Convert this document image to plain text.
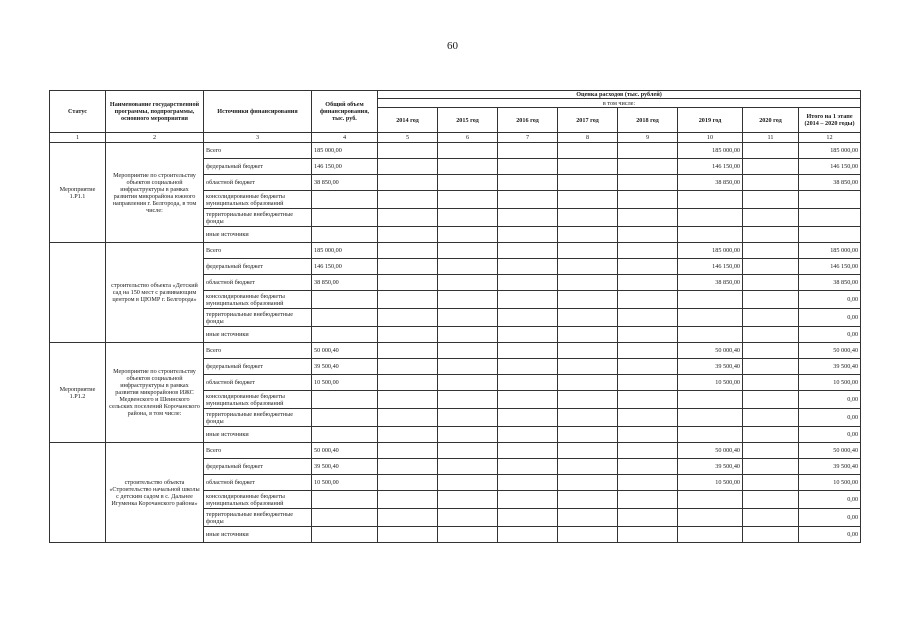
60
Статус	Наименование государственной программы, подпрограммы, основного мероприятия	Источники финансирования	Общий объем финансирования, тыс. руб.	Оценка расходов (тыс. рублей)							
				в том числе:							
				2014 год	2015 год	2016 год	2017 год	2018 год	2019 год	2020 год	Итого на 1 этапе (2014 – 2020 годы)
1	2	3	4	5	6	7	8	9	10	11	12
Мероприятие 1.Р1.1	Мероприятие по строительству объектов социальной инфраструктуры в рамках развития микрорайона южного направления г. Белгорода, в том числе:	Всего	185 000,00						185 000,00		185 000,00
		федеральный бюджет	146 150,00						146 150,00		146 150,00
		областной бюджет	38 850,00						38 850,00		38 850,00
		консолидированные бюджеты муниципальных образований									
		территориальные внебюджетные фонды									
		иные источники									
	строительство объекта «Детский сад на 150 мест с развивающим центром в ЦЮМР г. Белгорода»	Всего	185 000,00						185 000,00		185 000,00
		федеральный бюджет	146 150,00						146 150,00		146 150,00
		областной бюджет	38 850,00						38 850,00		38 850,00
		консолидированные бюджеты муниципальных образований									0,00
		территориальные внебюджетные фонды									0,00
		иные источники									0,00
Мероприятие 1.Р1.2	Мероприятие по строительству объектов социальной инфраструктуры в рамках развития микрорайонов ИЖС Медвенского и Шеинского сельских поселений Корочанского района, в том числе:	Всего	50 000,40						50 000,40		50 000,40
		федеральный бюджет	39 500,40						39 500,40		39 500,40
		областной бюджет	10 500,00						10 500,00		10 500,00
		консолидированные бюджеты муниципальных образований									0,00
		территориальные внебюджетные фонды									0,00
		иные источники									0,00
	строительство объекта «Строительство начальной школы с детским садом в с. Дальнее Игуменка Корочанского района»	Всего	50 000,40						50 000,40		50 000,40
		федеральный бюджет	39 500,40						39 500,40		39 500,40
		областной бюджет	10 500,00						10 500,00		10 500,00
		консолидированные бюджеты муниципальных образований									0,00
		территориальные внебюджетные фонды									0,00
		иные источники									0,00
